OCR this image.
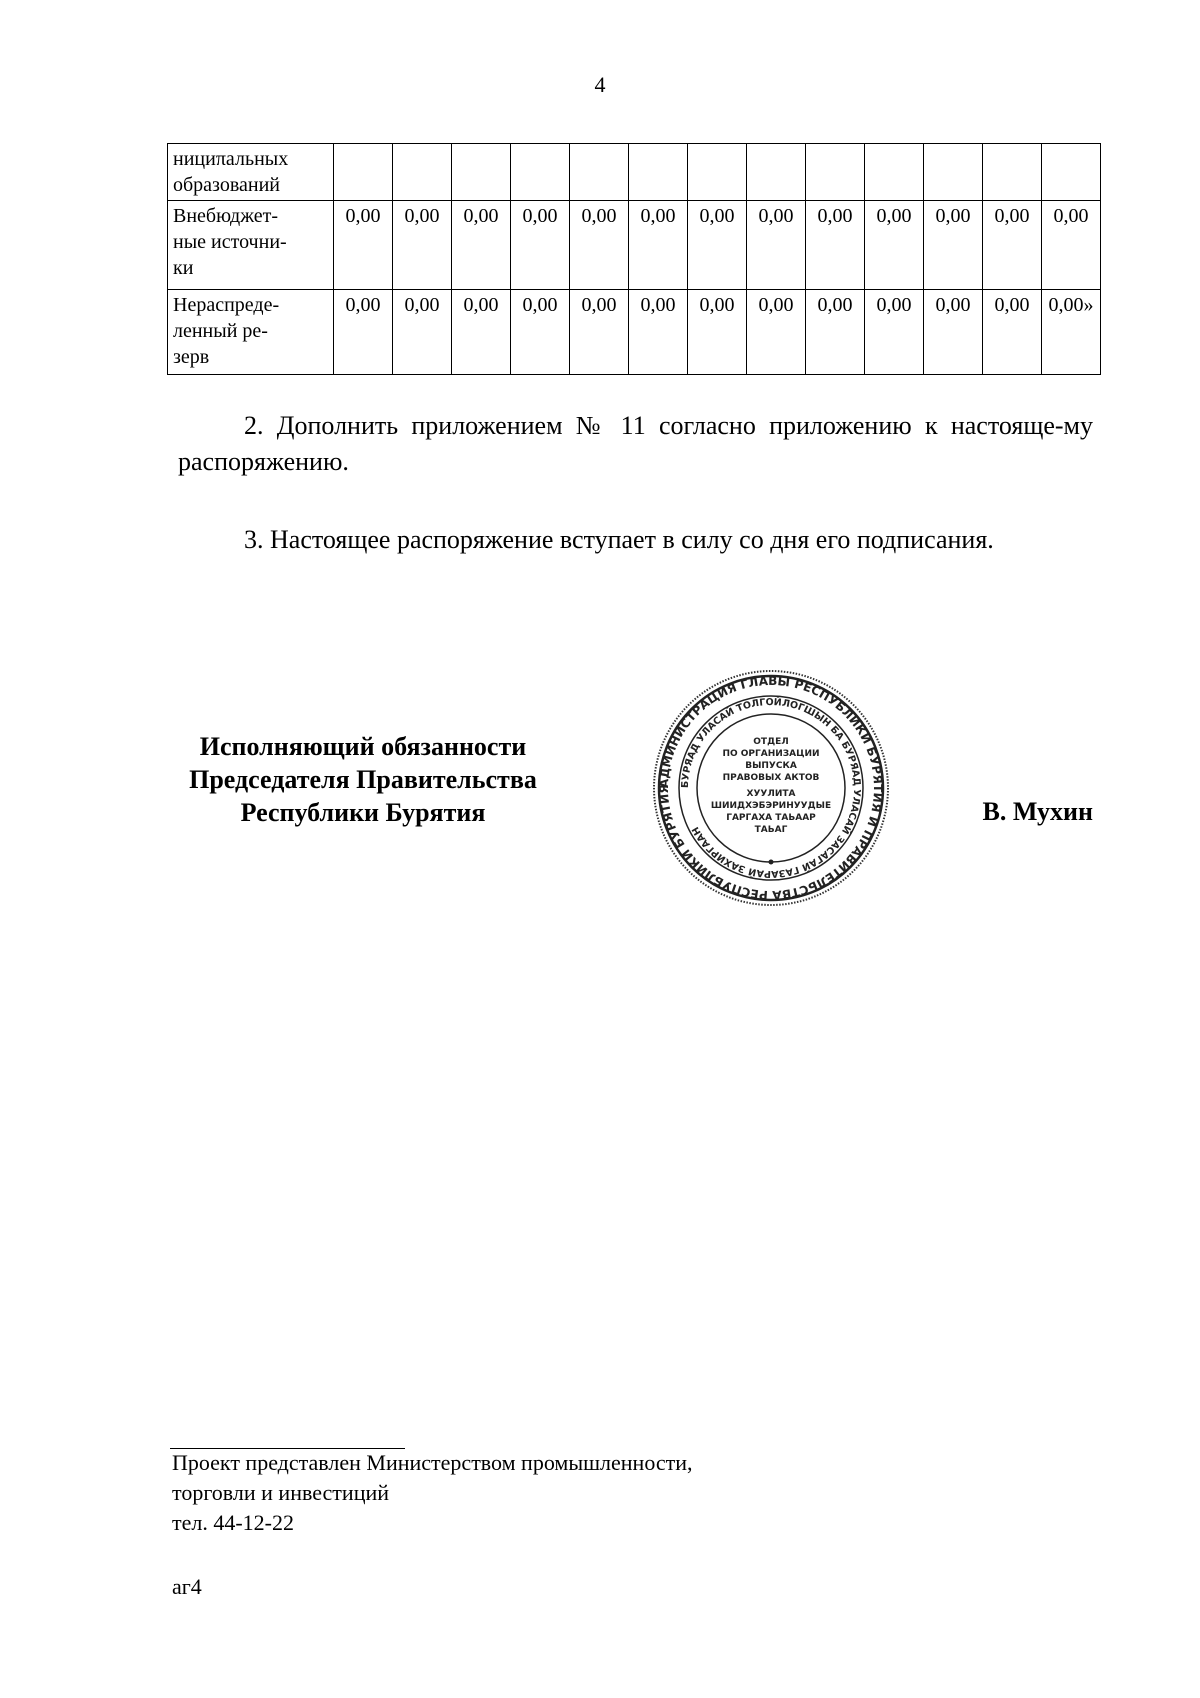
4
нициπальных
образований													

Внебюджет-
ные источни-
ки	0,00	0,00	0,00	0,00	0,00	0,00	0,00	0,00	0,00	0,00	0,00	0,00	0,00

Нераспреде-
ленный ре-
зерв	0,00	0,00	0,00	0,00	0,00	0,00	0,00	0,00	0,00	0,00	0,00	0,00	0,00»
2. Дополнить приложением № 11 согласно приложению к настояще-му распоряжению.
3. Настоящее распоряжение вступает в силу со дня его подписания.
Исполняющий обязанности
Председателя Правительства
Республики Бурятия
АДМИНИСТРАЦИЯ ГЛАВЫ РЕСПУБЛИКИ БУРЯТИЯ И ПРАВИТЕЛЬСТВА РЕСПУБЛИКИ БУРЯТИЯ БУРЯАД УЛАСАЙ ТОЛГОЙЛОГШЫН БА БУРЯАД УЛАСАЙ ЗАСАГАЙ ГАЗАРАЙ ЗАХИРГААН
ОТДЕЛ
ПО ОРГАНИЗАЦИИ
ВЫПУСКА
ПРАВОВЫХ АКТОВ
ХУУЛИТА
ШИИДХЭБЭРИНУУДЫЕ
ГАРГАХА ТАЬААР
ТАЬАГ
В. Мухин
Проект представлен Министерством промышленности,
торговли и инвестиций
тел. 44-12-22
аг4
